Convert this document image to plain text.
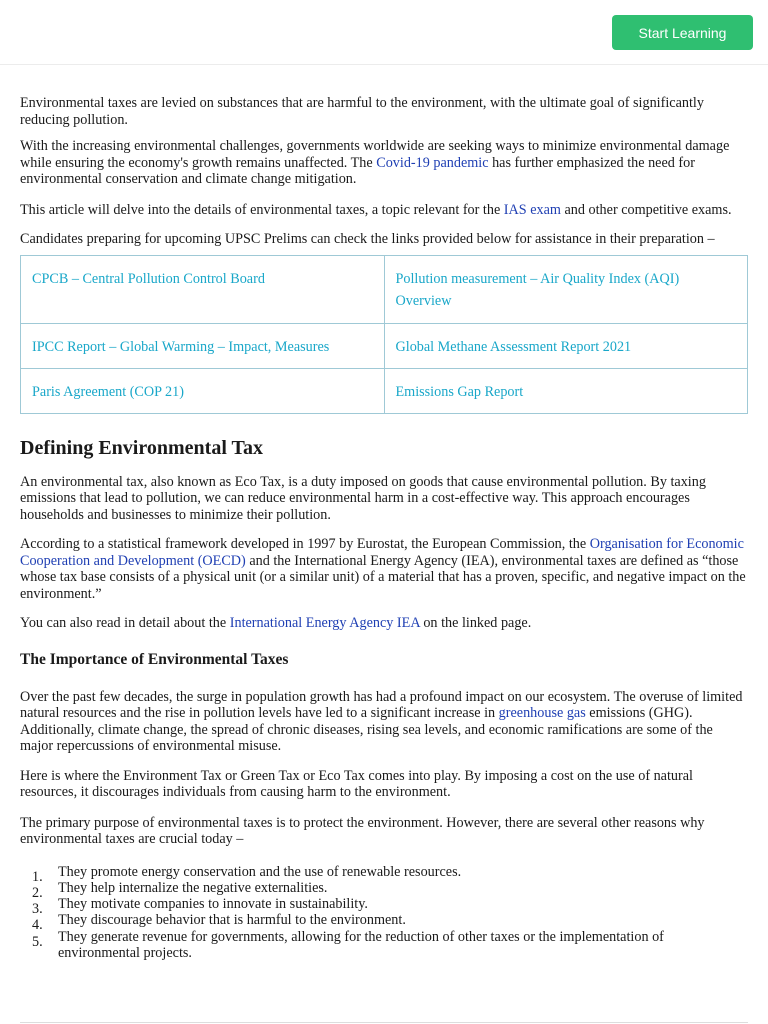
Start Learning

Environmental taxes are levied on substances that are harmful to the environment, with the ultimate goal of significantly reducing pollution.

With the increasing environmental challenges, governments worldwide are seeking ways to minimize environmental damage while ensuring the economy's growth remains unaffected. The Covid-19 pandemic has further emphasized the need for environmental conservation and climate change mitigation.

This article will delve into the details of environmental taxes, a topic relevant for the IAS exam and other competitive exams.

Candidates preparing for upcoming UPSC Prelims can check the links provided below for assistance in their preparation –

CPCB – Central Pollution Control Board	Pollution measurement – Air Quality Index (AQI) Overview
IPCC Report – Global Warming – Impact, Measures	Global Methane Assessment Report 2021
Paris Agreement (COP 21)	Emissions Gap Report
Defining Environmental Tax

An environmental tax, also known as Eco Tax, is a duty imposed on goods that cause environmental pollution. By taxing emissions that lead to pollution, we can reduce environmental harm in a cost-effective way. This approach encourages households and businesses to minimize their pollution.

According to a statistical framework developed in 1997 by Eurostat, the European Commission, the Organisation for Economic Cooperation and Development (OECD) and the International Energy Agency (IEA), environmental taxes are defined as “those whose tax base consists of a physical unit (or a similar unit) of a material that has a proven, specific, and negative impact on the environment.”

You can also read in detail about the International Energy Agency IEA on the linked page.

The Importance of Environmental Taxes

Over the past few decades, the surge in population growth has had a profound impact on our ecosystem. The overuse of limited natural resources and the rise in pollution levels have led to a significant increase in greenhouse gas emissions (GHG). Additionally, climate change, the spread of chronic diseases, rising sea levels, and economic ramifications are some of the major repercussions of environmental misuse.

Here is where the Environment Tax or Green Tax or Eco Tax comes into play. By imposing a cost on the use of natural resources, it discourages individuals from causing harm to the environment.

The primary purpose of environmental taxes is to protect the environment. However, there are several other reasons why environmental taxes are crucial today –

1. They promote energy conservation and the use of renewable resources.
2. They help internalize the negative externalities.
3. They motivate companies to innovate in sustainability.
4. They discourage behavior that is harmful to the environment.
5. They generate revenue for governments, allowing for the reduction of other taxes or the implementation of environmental projects.
